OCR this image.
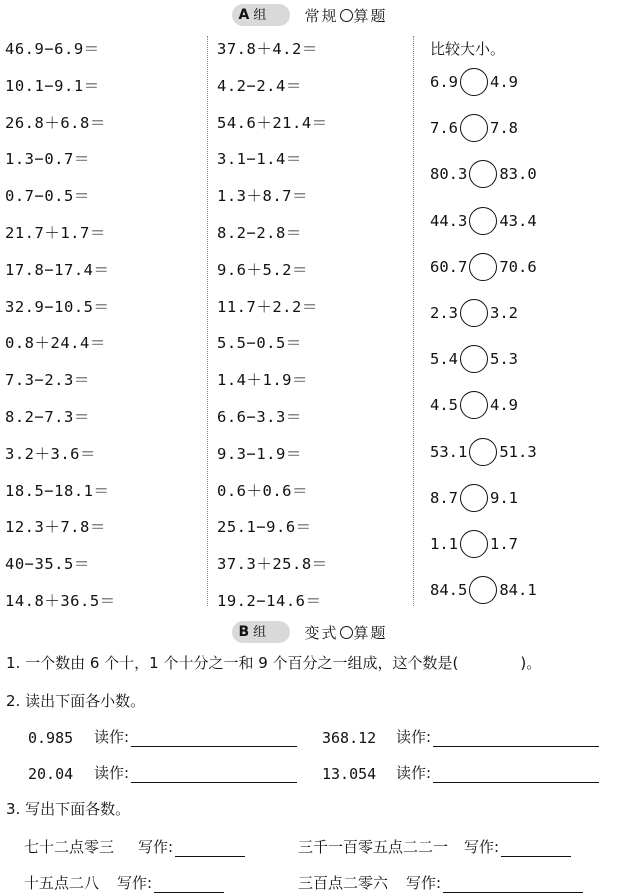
A 组	常规 算题
46.9−6.9＝
10.1−9.1＝
26.8＋6.8＝
1.3−0.7＝
0.7−0.5＝
21.7＋1.7＝
17.8−17.4＝
32.9−10.5＝
0.8＋24.4＝
7.3−2.3＝
8.2−7.3＝
3.2＋3.6＝
18.5−18.1＝
12.3＋7.8＝
40−35.5＝
14.8＋36.5＝
37.8＋4.2＝
4.2−2.4＝
54.6＋21.4＝
3.1−1.4＝
1.3＋8.7＝
8.2−2.8＝
9.6＋5.2＝
11.7＋2.2＝
5.5−0.5＝
1.4＋1.9＝
6.6−3.3＝
9.3−1.9＝
0.6＋0.6＝
25.1−9.6＝
37.3＋25.8＝
19.2−14.6＝
比较大小。
6.9 4.9
7.6 7.8
80.3 83.0
44.3 43.4
60.7 70.6
2.3 3.2
5.4 5.3
4.5 4.9
53.1 51.3
8.7 9.1
1.1 1.7
84.5 84.1
B 组	变式 算题
1. 一个数由 6 个十，1 个十分之一和 9 个百分之一组成，这个数是(	)。
2. 读出下面各小数。
0.985	读作:	368.12	读作:
20.04	读作:	13.054	读作:
3. 写出下面各数。
七十二点零三 写作:	三千一百零五点二二一 写作:
十五点二八 写作:	三百点二零六 写作:
